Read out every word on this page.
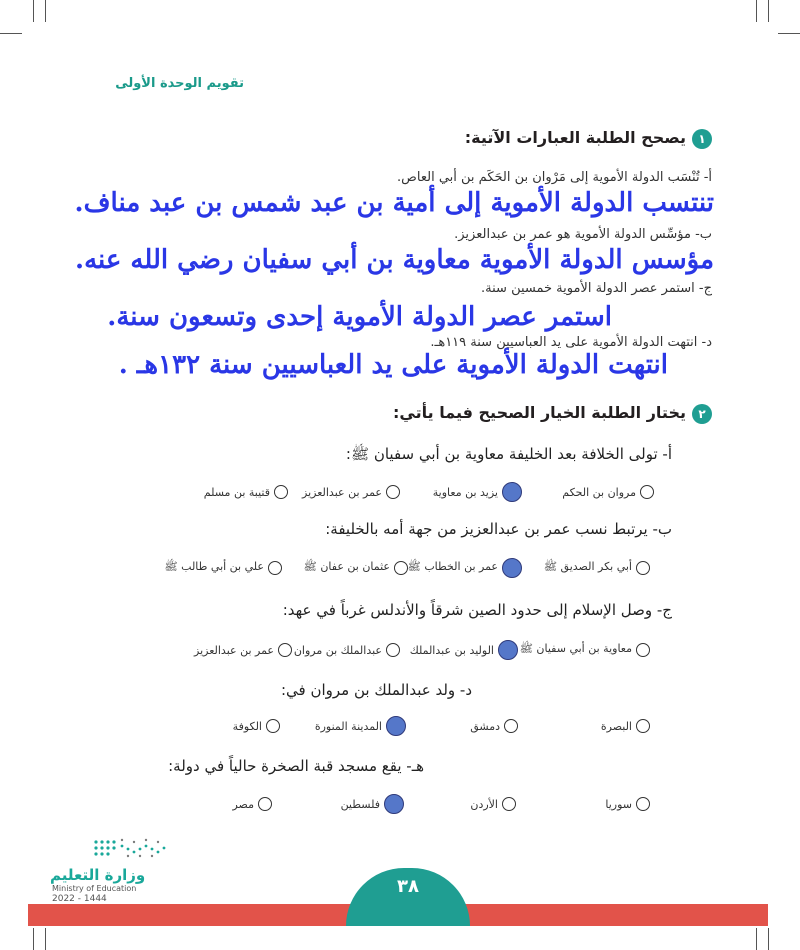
تقويم الوحدة الأولى
١
يصحح الطلبة العبارات الآتية:
أ- تُنْسَب الدولة الأموية إلى مَرْوان بن الحَكَم بن أبي العاص.
تنتسب الدولة الأموية إلى أمية بن عبد شمس بن عبد مناف.
ب- مؤسِّس الدولة الأموية هو عمر بن عبدالعزيز.
مؤسس الدولة الأموية معاوية بن أبي سفيان رضي الله عنه.
ج- استمر عصر الدولة الأموية خمسين سنة.
استمر عصر الدولة الأموية إحدى وتسعون سنة.
د- انتهت الدولة الأموية على يد العباسيين سنة ١١٩هـ.
انتهت الدولة الأموية على يد العباسيين سنة ١٣٢هـ .
٢
يختار الطلبة الخيار الصحيح فيما يأتي:
أ- تولى الخلافة بعد الخليفة معاوية بن أبي سفيان ﷺ:
مروان بن الحكم
يزيد بن معاوية
عمر بن عبدالعزيز
قتيبة بن مسلم
ب- يرتبط نسب عمر بن عبدالعزيز من جهة أمه بالخليفة:
أبي بكر الصديق ﷺ
عمر بن الخطاب ﷺ
عثمان بن عفان ﷺ
علي بن أبي طالب ﷺ
ج- وصل الإسلام إلى حدود الصين شرقاً والأندلس غرباً في عهد:
معاوية بن أبي سفيان ﷺ
الوليد بن عبدالملك
عبدالملك بن مروان
عمر بن عبدالعزيز
د- ولد عبدالملك بن مروان في:
البصرة
دمشق
المدينة المنورة
الكوفة
هـ- يقع مسجد قبة الصخرة حالياً في دولة:
سوريا
الأردن
فلسطين
مصر
٣٨
وزارة التعليم
Ministry of Education
2022 - 1444
